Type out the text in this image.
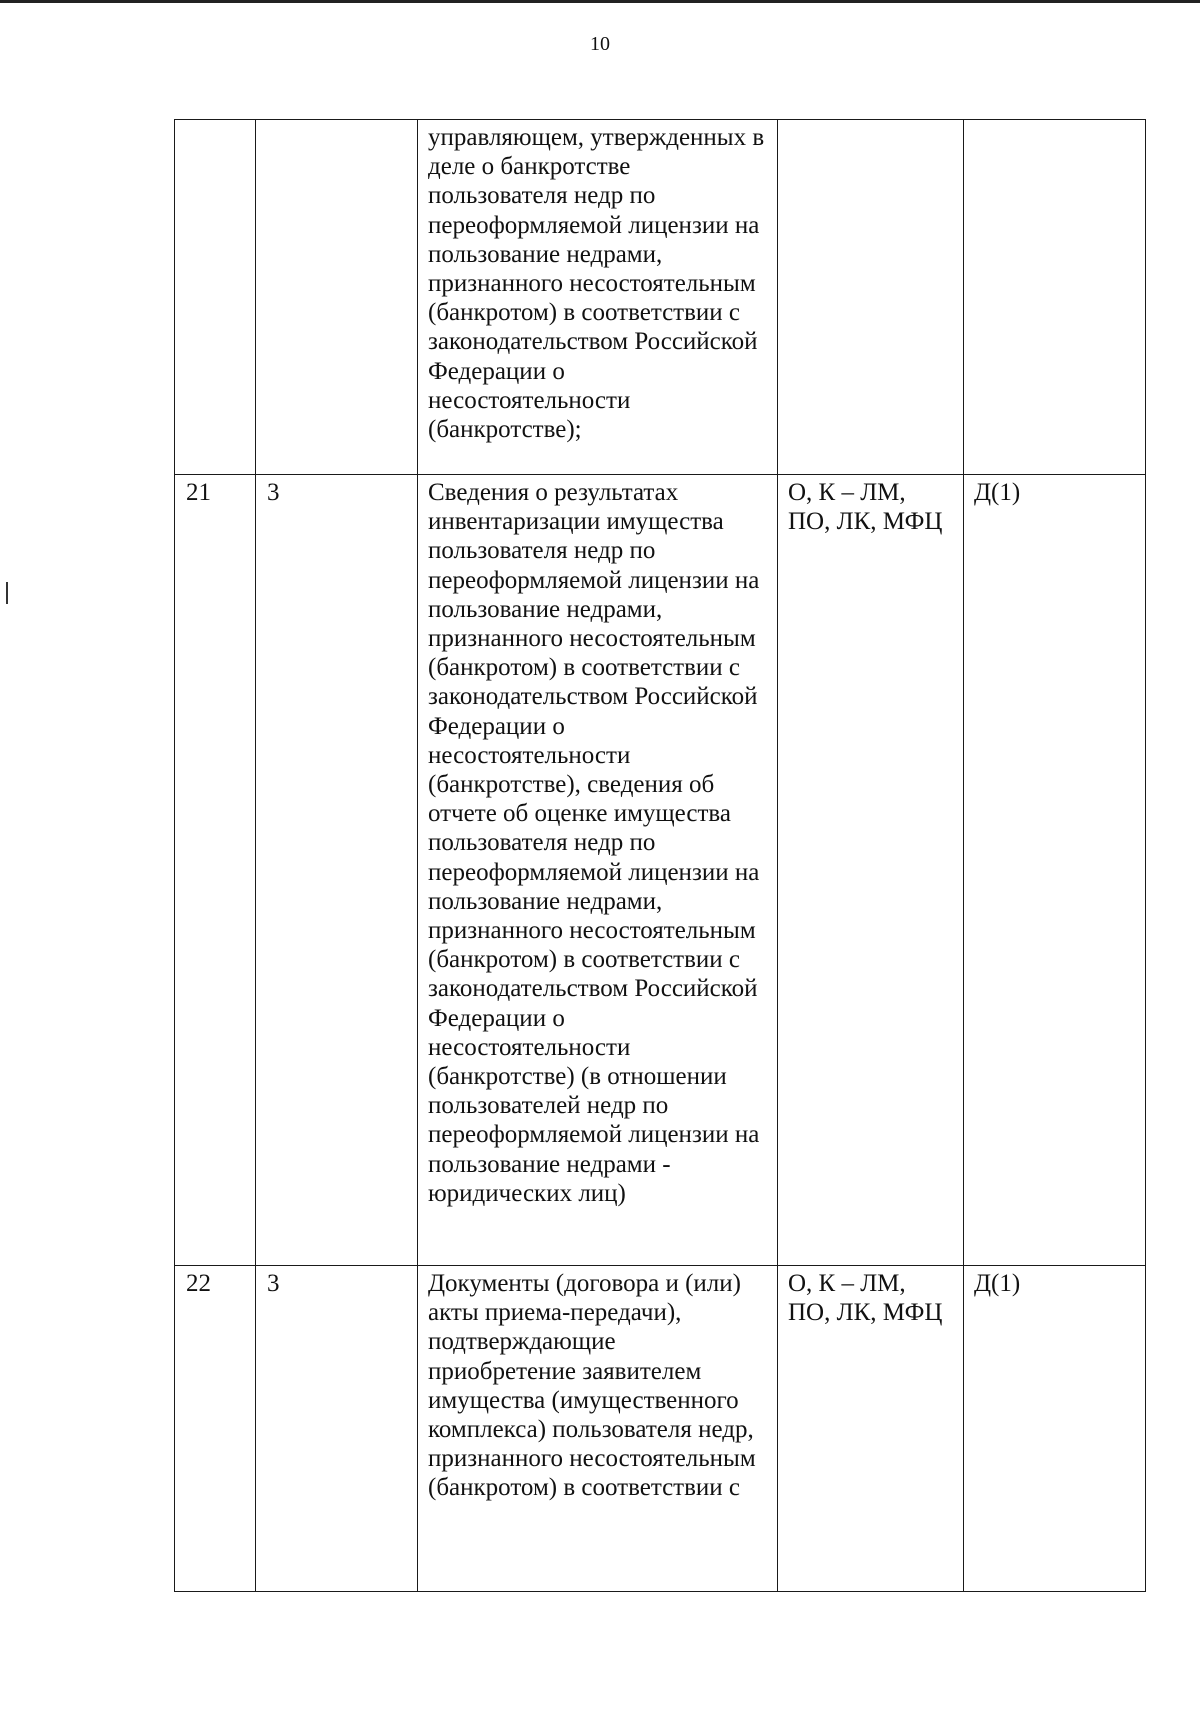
10
		управляющем, утвержденных в деле о банкротстве пользователя недр по переоформляемой лицензии на пользование недрами, признанного несостоятельным (банкротом) в соответствии с законодательством Российской Федерации о несостоятельности (банкротстве);		
21	3	Сведения о результатах инвентаризации имущества пользователя недр по переоформляемой лицензии на пользование недрами, признанного несостоятельным (банкротом) в соответствии с законодательством Российской Федерации о несостоятельности (банкротстве), сведения об отчете об оценке имущества пользователя недр по переоформляемой лицензии на пользование недрами, признанного несостоятельным (банкротом) в соответствии с законодательством Российской Федерации о несостоятельности (банкротстве) (в отношении пользователей недр по переоформляемой лицензии на пользование недрами - юридических лиц)	О, К – ЛМ, ПО, ЛК, МФЦ	Д(1)
22	3	Документы (договора и (или) акты приема-передачи), подтверждающие приобретение заявителем имущества (имущественного комплекса) пользователя недр, признанного несостоятельным (банкротом) в соответствии с	О, К – ЛМ, ПО, ЛК, МФЦ	Д(1)
